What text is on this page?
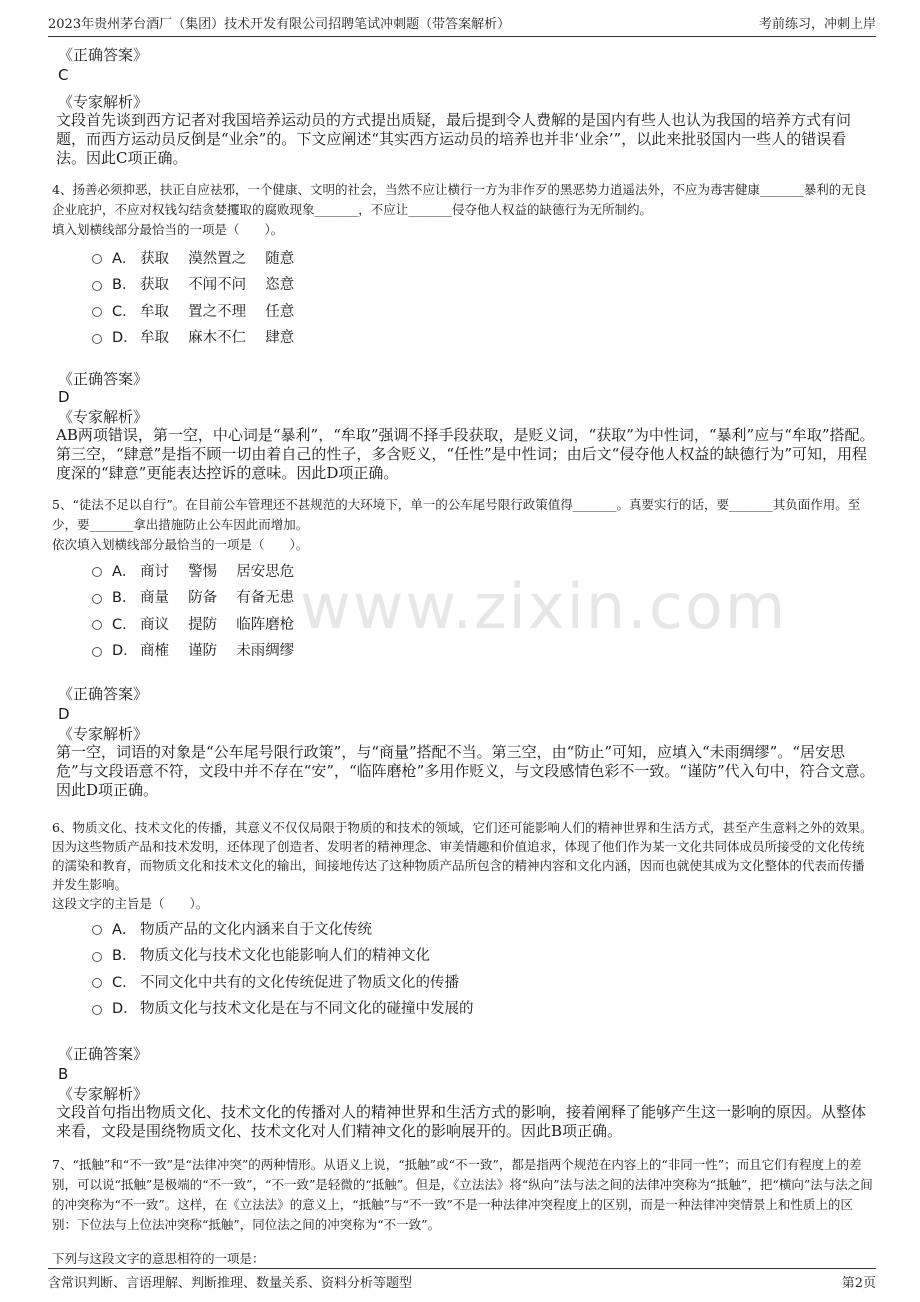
2023年贵州茅台酒厂（集团）技术开发有限公司招聘笔试冲刺题（带答案解析）	考前练习，冲刺上岸
www.zixin.com
《正确答案》
C
《专家解析》
文段首先谈到西方记者对我国培养运动员的方式提出质疑，最后提到令人费解的是国内有些人也认为我国的培养方式有问题，而西方运动员反倒是“业余”的。下文应阐述“其实西方运动员的培养也并非‘业余’”，以此来批驳国内一些人的错误看法。因此C项正确。
4、扬善必须抑恶，扶正自应祛邪，一个健康、文明的社会，当然不应让横行一方为非作歹的黑恶势力逍遥法外，不应为毒害健康_______暴利的无良企业庇护，不应对权钱勾结贪婪攫取的腐败现象_______，不应让_______侵夺他人权益的缺德行为无所制约。
填入划横线部分最恰当的一项是（　　）。
A． 获取　 漠然置之　 随意
B． 获取　 不闻不问　 恣意
C． 牟取　 置之不理　 任意
D． 牟取　 麻木不仁　 肆意
《正确答案》
D
《专家解析》
AB两项错误，第一空，中心词是“暴利”，“牟取”强调不择手段获取，是贬义词，“获取”为中性词，“暴利”应与“牟取”搭配。第三空，“肆意”是指不顾一切由着自己的性子，多含贬义，“任性”是中性词；由后文“侵夺他人权益的缺德行为”可知，用程度深的“肆意”更能表达控诉的意味。因此D项正确。
5、“徒法不足以自行”。在目前公车管理还不甚规范的大环境下，单一的公车尾号限行政策值得_______。真要实行的话，要_______其负面作用。至少，要_______拿出措施防止公车因此而增加。
依次填入划横线部分最恰当的一项是（　　）。
A． 商讨　 警惕　 居安思危
B． 商量　 防备　 有备无患
C． 商议　 提防　 临阵磨枪
D． 商榷　 谨防　 未雨绸缪
《正确答案》
D
《专家解析》
第一空，词语的对象是“公车尾号限行政策”，与“商量”搭配不当。第三空，由“防止”可知，应填入“未雨绸缪”。“居安思危”与文段语意不符，文段中并不存在“安”，“临阵磨枪”多用作贬义，与文段感情色彩不一致。“谨防”代入句中，符合文意。因此D项正确。
6、物质文化、技术文化的传播，其意义不仅仅局限于物质的和技术的领域，它们还可能影响人们的精神世界和生活方式，甚至产生意料之外的效果。因为这些物质产品和技术发明，还体现了创造者、发明者的精神理念、审美情趣和价值追求，体现了他们作为某一文化共同体成员所接受的文化传统的濡染和教育，而物质文化和技术文化的输出，间接地传达了这种物质产品所包含的精神内容和文化内涵，因而也就使其成为文化整体的代表而传播并发生影响。
这段文字的主旨是（　　）。
A． 物质产品的文化内涵来自于文化传统
B． 物质文化与技术文化也能影响人们的精神文化
C． 不同文化中共有的文化传统促进了物质文化的传播
D． 物质文化与技术文化是在与不同文化的碰撞中发展的
《正确答案》
B
《专家解析》
文段首句指出物质文化、技术文化的传播对人的精神世界和生活方式的影响，接着阐释了能够产生这一影响的原因。从整体来看，文段是围绕物质文化、技术文化对人们精神文化的影响展开的。因此B项正确。
7、“抵触”和“不一致”是“法律冲突”的两种情形。从语义上说，“抵触”或“不一致”，都是指两个规范在内容上的“非同一性”；而且它们有程度上的差别，可以说“抵触”是极端的“不一致”，“不一致”是轻微的“抵触”。但是，《立法法》将“纵向”法与法之间的法律冲突称为“抵触”，把“横向”法与法之间的冲突称为“不一致”。这样，在《立法法》的意义上，“抵触”与“不一致”不是一种法律冲突程度上的区别，而是一种法律冲突情景上和性质上的区别：下位法与上位法冲突称“抵触”，同位法之间的冲突称为“不一致”。
下列与这段文字的意思相符的一项是：
含常识判断、言语理解、判断推理、数量关系、资料分析等题型	第2页
